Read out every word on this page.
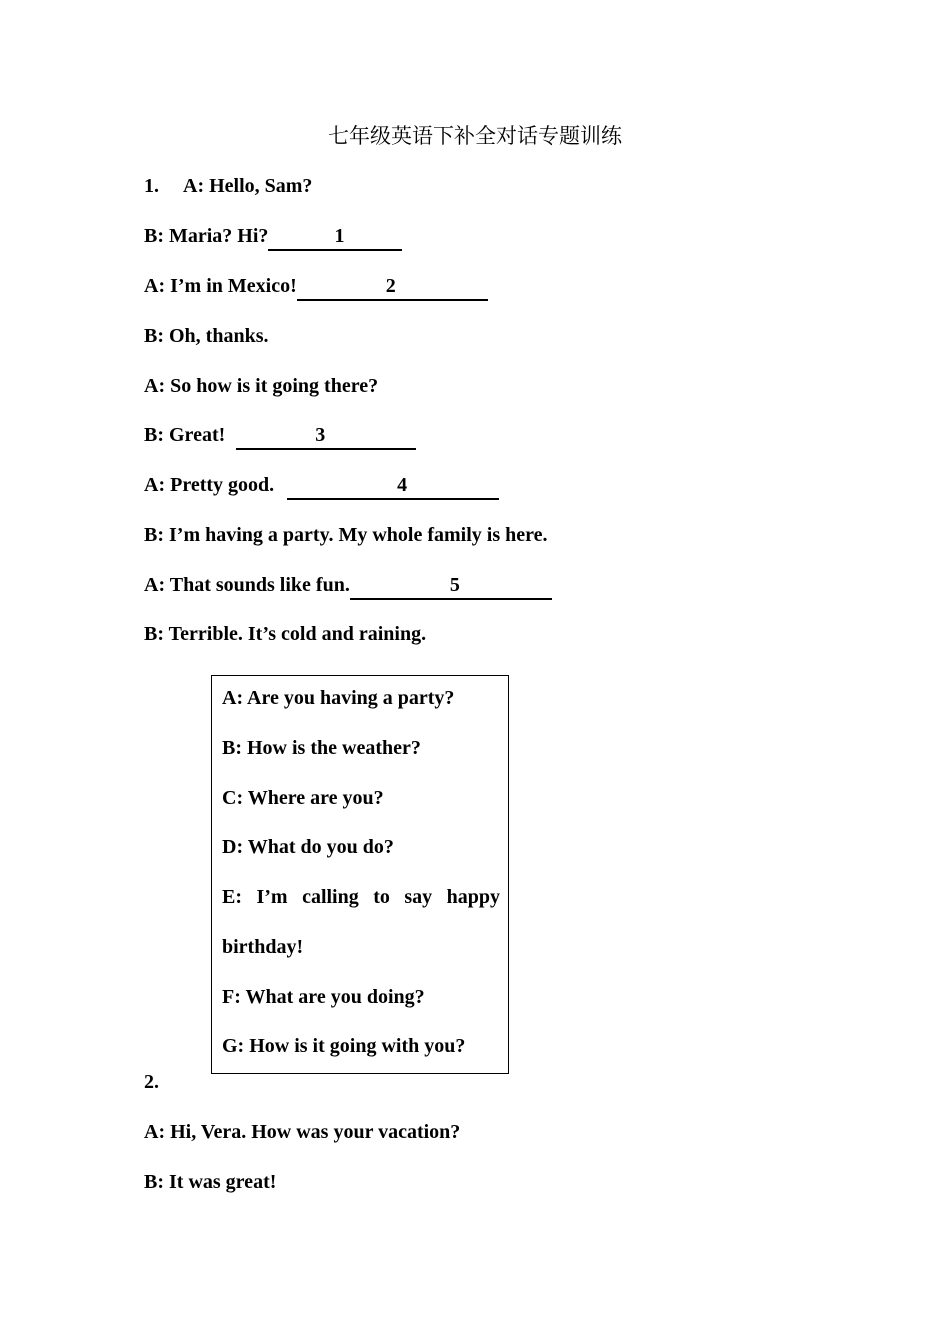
七年级英语下补全对话专题训练
1. A: Hello, Sam?
B: Maria? Hi?	1
A: I’m in Mexico!	2
B: Oh, thanks.
A: So how is it going there?
B: Great!	3
A: Pretty good.	4
B: I’m having a party. My whole family is here.
A: That sounds like fun.	5
B: Terrible. It’s cold and raining.
A: Are you having a party?
B: How is the weather?
C: Where are you?
D: What do you do?
E: I’m calling to say happy
birthday!
F: What are you doing?
G: How is it going with you?
2.
A: Hi, Vera. How was your vacation?
B: It was great!
